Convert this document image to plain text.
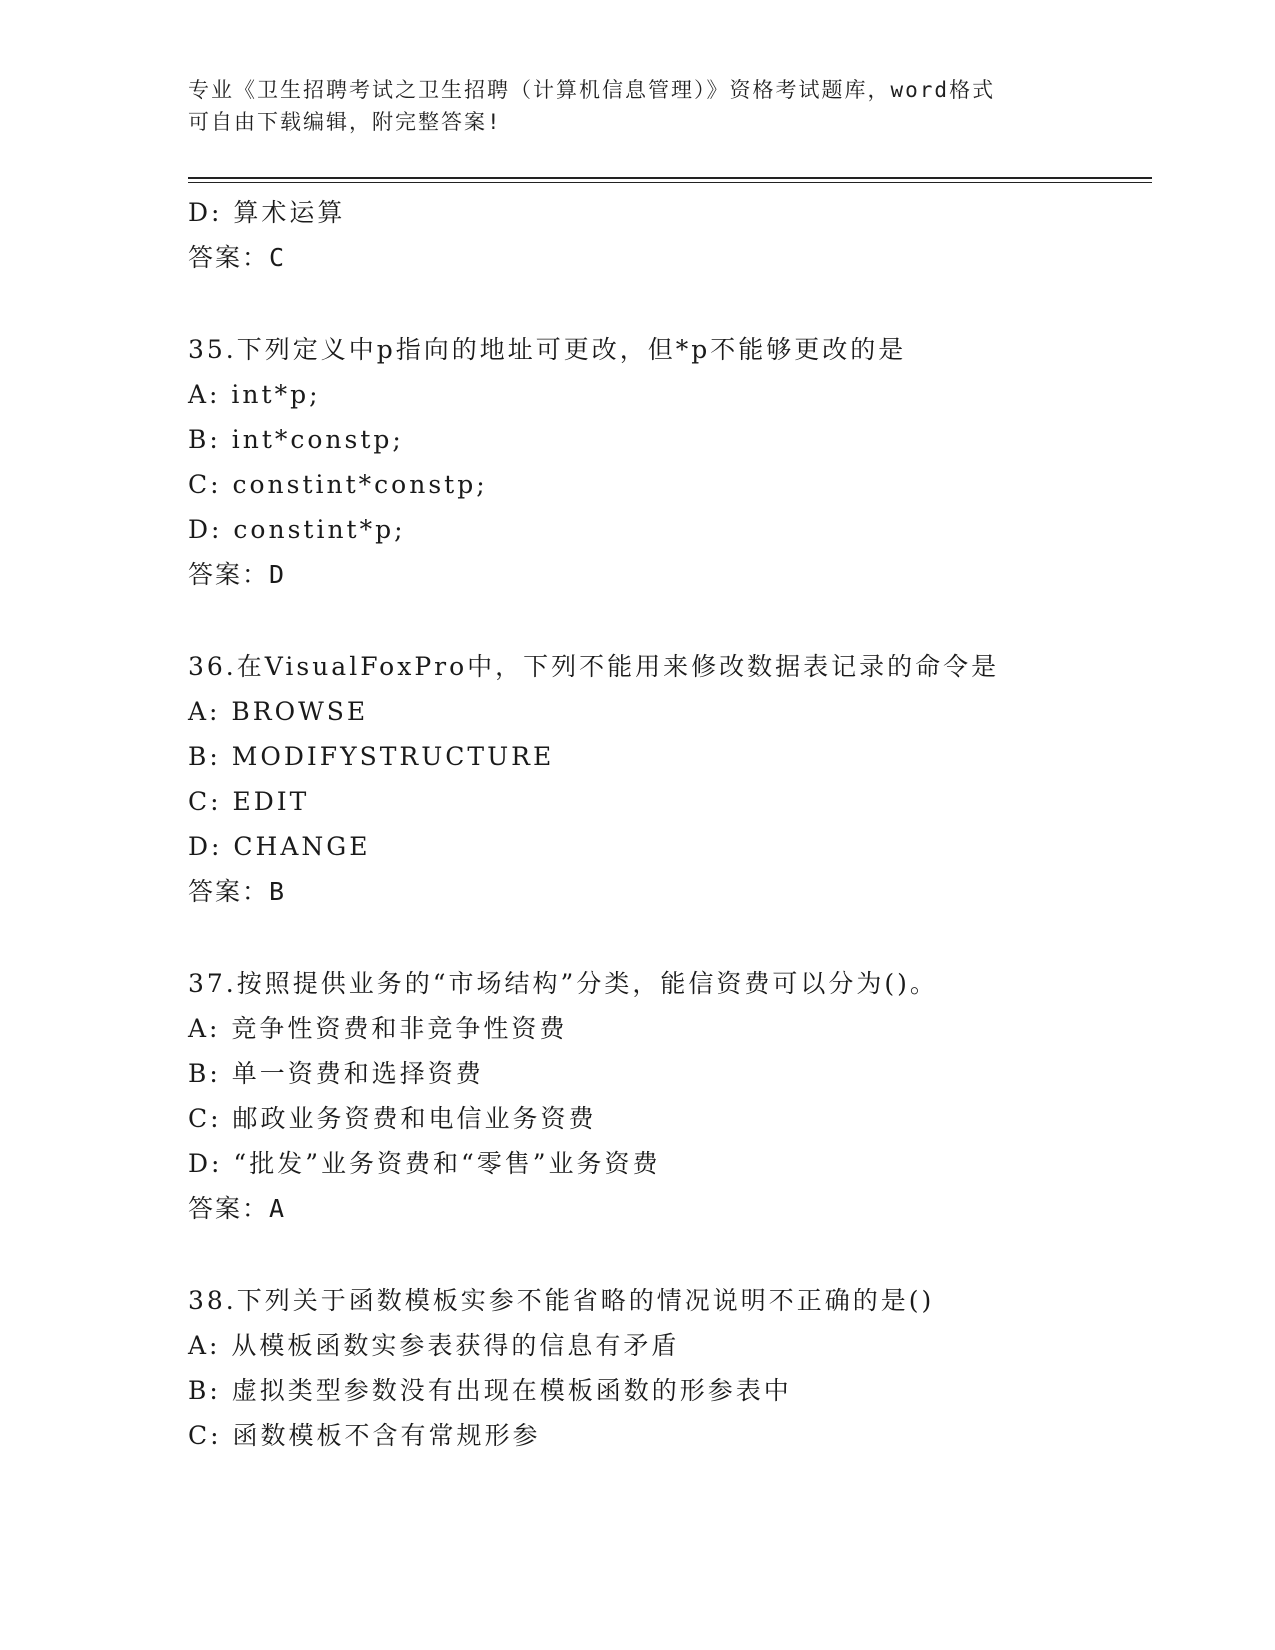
专业《卫生招聘考试之卫生招聘（计算机信息管理）》资格考试题库，word格式
可自由下载编辑，附完整答案!
D: 算术运算
答案：C
35.下列定义中p指向的地址可更改，但*p不能够更改的是
A: int*p;
B: int*constp;
C: constint*constp;
D: constint*p;
答案：D
36.在VisualFoxPro中，下列不能用来修改数据表记录的命令是
A: BROWSE
B: MODIFYSTRUCTURE
C: EDIT
D: CHANGE
答案：B
37.按照提供业务的“市场结构”分类，能信资费可以分为()。
A: 竞争性资费和非竞争性资费
B: 单一资费和选择资费
C: 邮政业务资费和电信业务资费
D: “批发”业务资费和“零售”业务资费
答案：A
38.下列关于函数模板实参不能省略的情况说明不正确的是()
A: 从模板函数实参表获得的信息有矛盾
B: 虚拟类型参数没有出现在模板函数的形参表中
C: 函数模板不含有常规形参
